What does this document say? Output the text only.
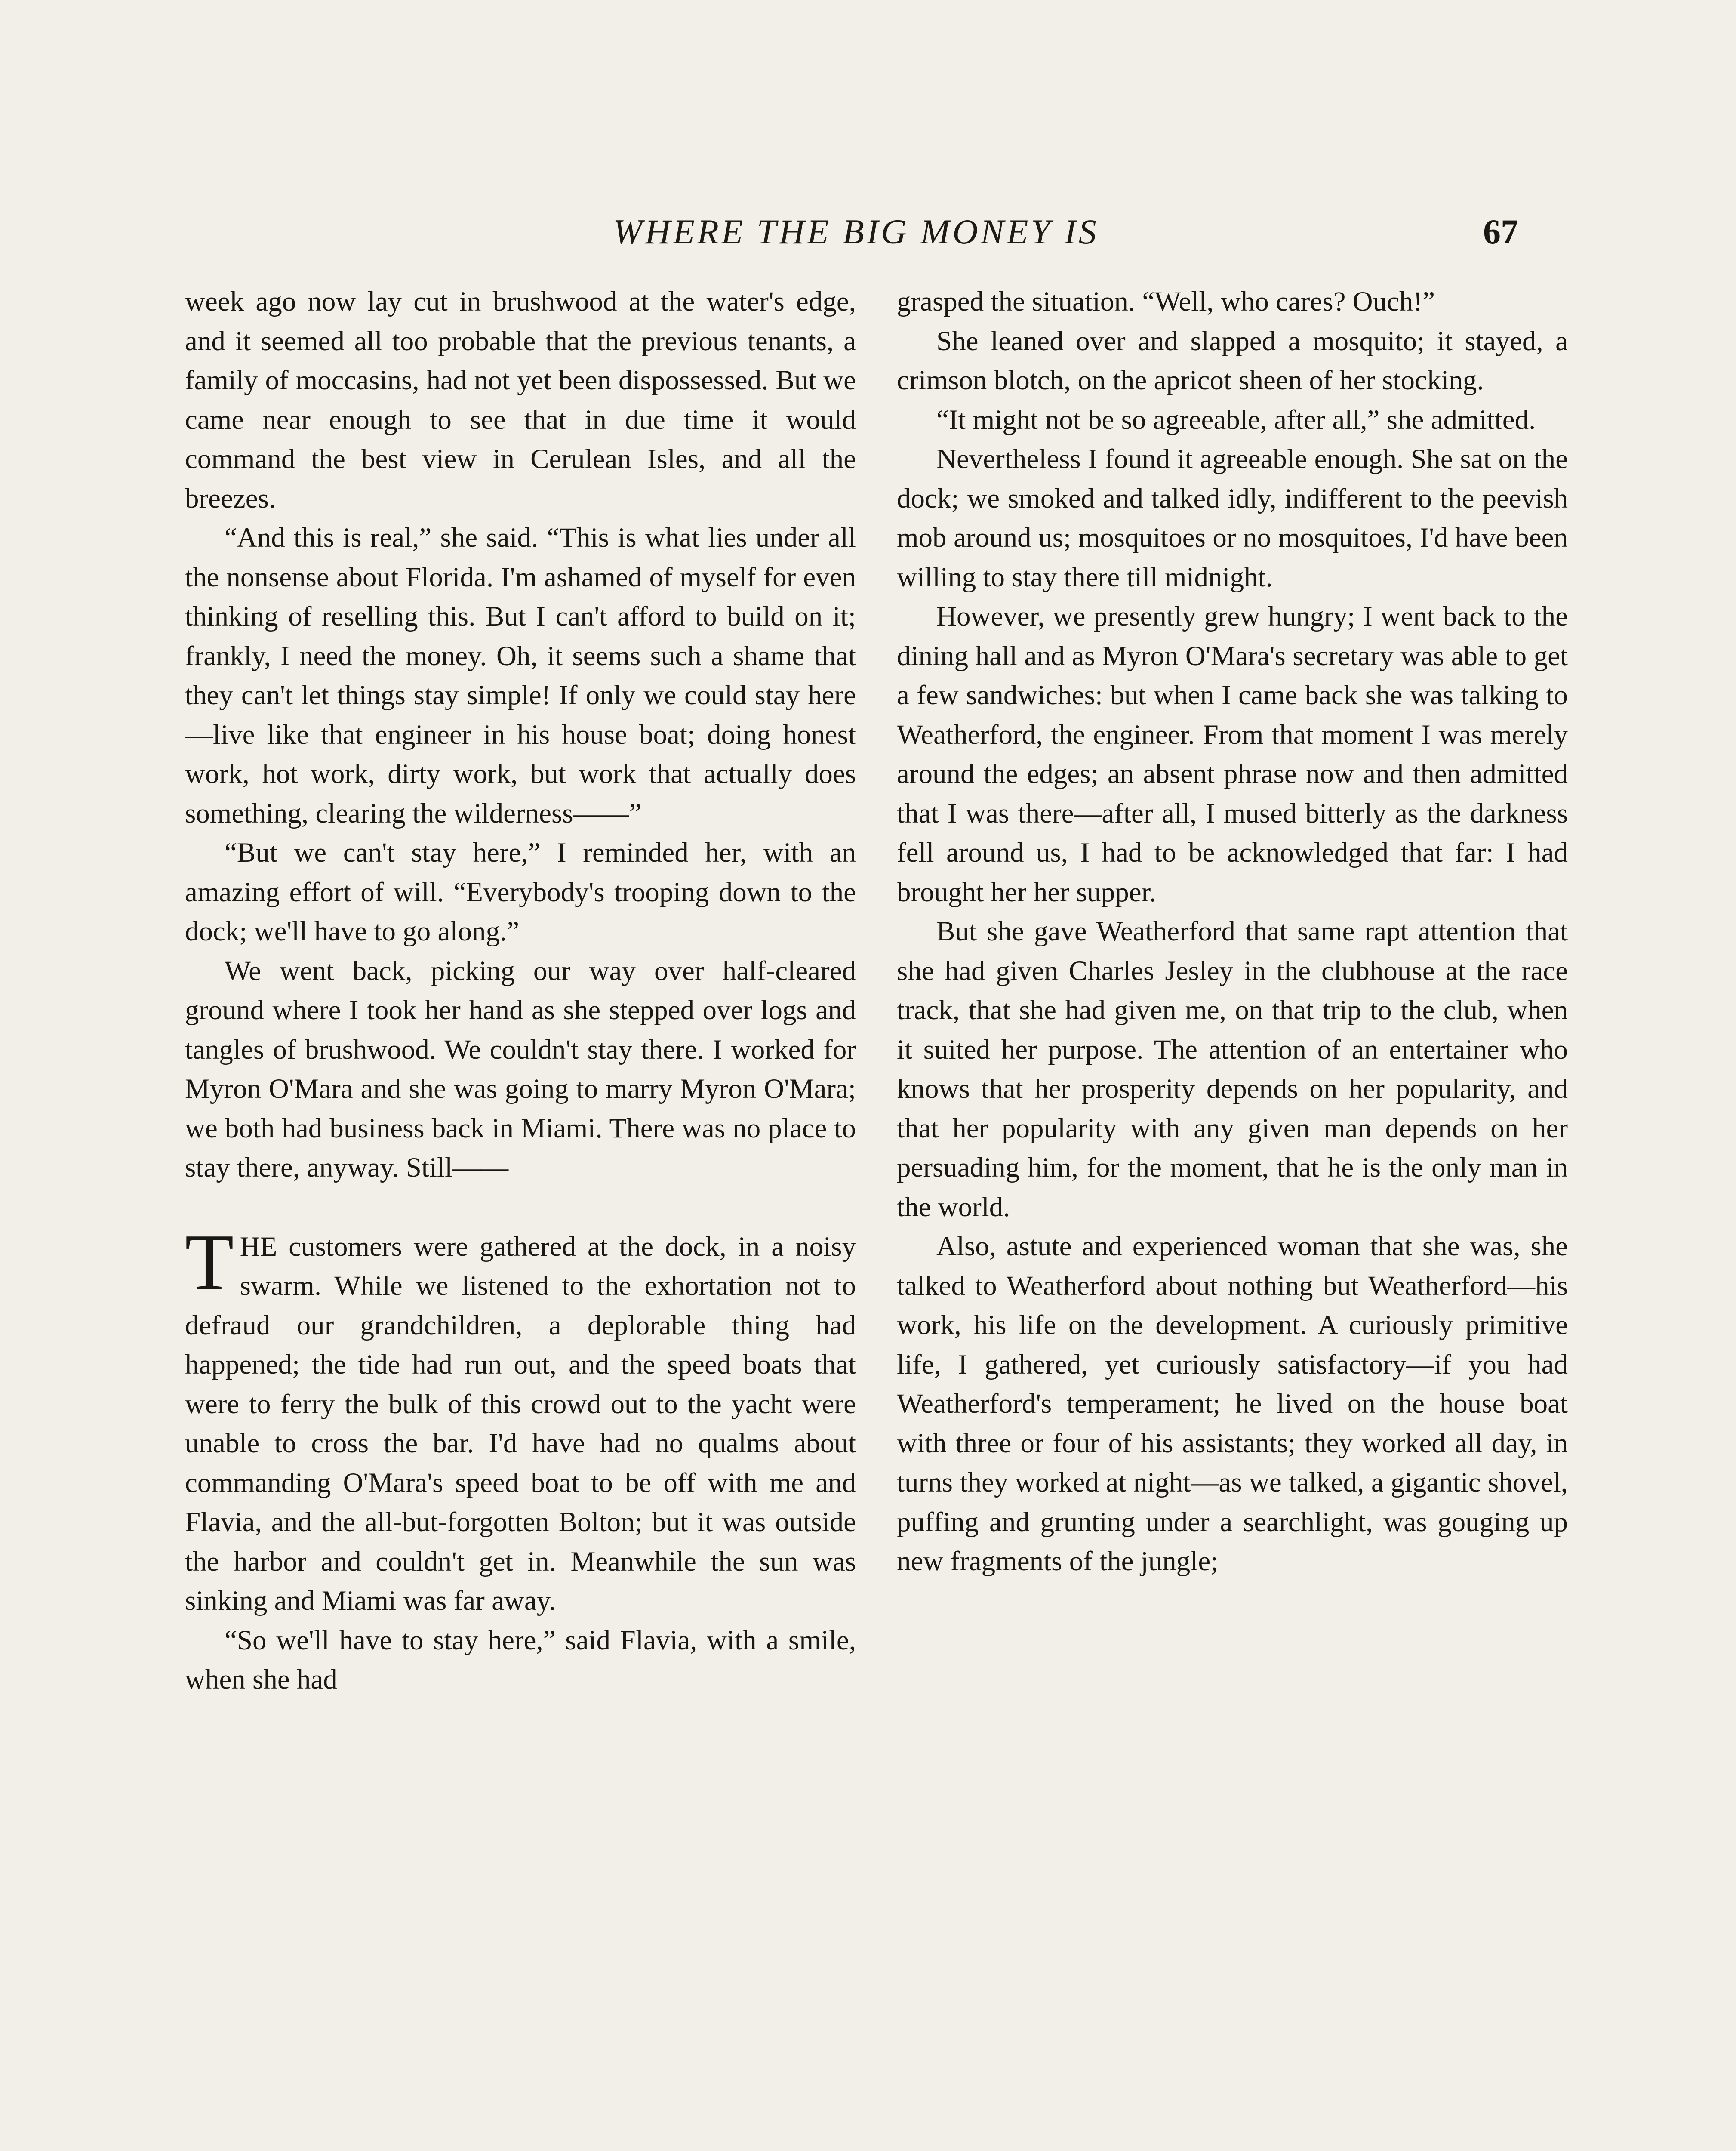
WHERE THE BIG MONEY IS	67

week ago now lay cut in brushwood at the water's edge, and it seemed all too probable that the previous tenants, a family of moccasins, had not yet been dispossessed. But we came near enough to see that in due time it would command the best view in Cerulean Isles, and all the breezes.

“And this is real,” she said. “This is what lies under all the nonsense about Florida. I'm ashamed of myself for even thinking of reselling this. But I can't afford to build on it; frankly, I need the money. Oh, it seems such a shame that they can't let things stay simple! If only we could stay here—live like that engineer in his house boat; doing honest work, hot work, dirty work, but work that actually does something, clearing the wilderness——”

“But we can't stay here,” I reminded her, with an amazing effort of will. “Everybody's trooping down to the dock; we'll have to go along.”

We went back, picking our way over half-cleared ground where I took her hand as she stepped over logs and tangles of brushwood. We couldn't stay there. I worked for Myron O'Mara and she was going to marry Myron O'Mara; we both had business back in Miami. There was no place to stay there, anyway. Still——

THE customers were gathered at the dock, in a noisy swarm. While we listened to the exhortation not to defraud our grandchildren, a deplorable thing had happened; the tide had run out, and the speed boats that were to ferry the bulk of this crowd out to the yacht were unable to cross the bar. I'd have had no qualms about commanding O'Mara's speed boat to be off with me and Flavia, and the all-but-forgotten Bolton; but it was outside the harbor and couldn't get in. Meanwhile the sun was sinking and Miami was far away.

“So we'll have to stay here,” said Flavia, with a smile, when she had

grasped the situation. “Well, who cares? Ouch!”

She leaned over and slapped a mosquito; it stayed, a crimson blotch, on the apricot sheen of her stocking.

“It might not be so agreeable, after all,” she admitted.

Nevertheless I found it agreeable enough. She sat on the dock; we smoked and talked idly, indifferent to the peevish mob around us; mosquitoes or no mosquitoes, I'd have been willing to stay there till midnight.

However, we presently grew hungry; I went back to the dining hall and as Myron O'Mara's secretary was able to get a few sandwiches: but when I came back she was talking to Weatherford, the engineer. From that moment I was merely around the edges; an absent phrase now and then admitted that I was there—after all, I mused bitterly as the darkness fell around us, I had to be acknowledged that far: I had brought her her supper.

But she gave Weatherford that same rapt attention that she had given Charles Jesley in the clubhouse at the race track, that she had given me, on that trip to the club, when it suited her purpose. The attention of an entertainer who knows that her prosperity depends on her popularity, and that her popularity with any given man depends on her persuading him, for the moment, that he is the only man in the world.

Also, astute and experienced woman that she was, she talked to Weatherford about nothing but Weatherford—his work, his life on the development. A curiously primitive life, I gathered, yet curiously satisfactory—if you had Weatherford's temperament; he lived on the house boat with three or four of his assistants; they worked all day, in turns they worked at night—as we talked, a gigantic shovel, puffing and grunting under a searchlight, was gouging up new fragments of the jungle;
